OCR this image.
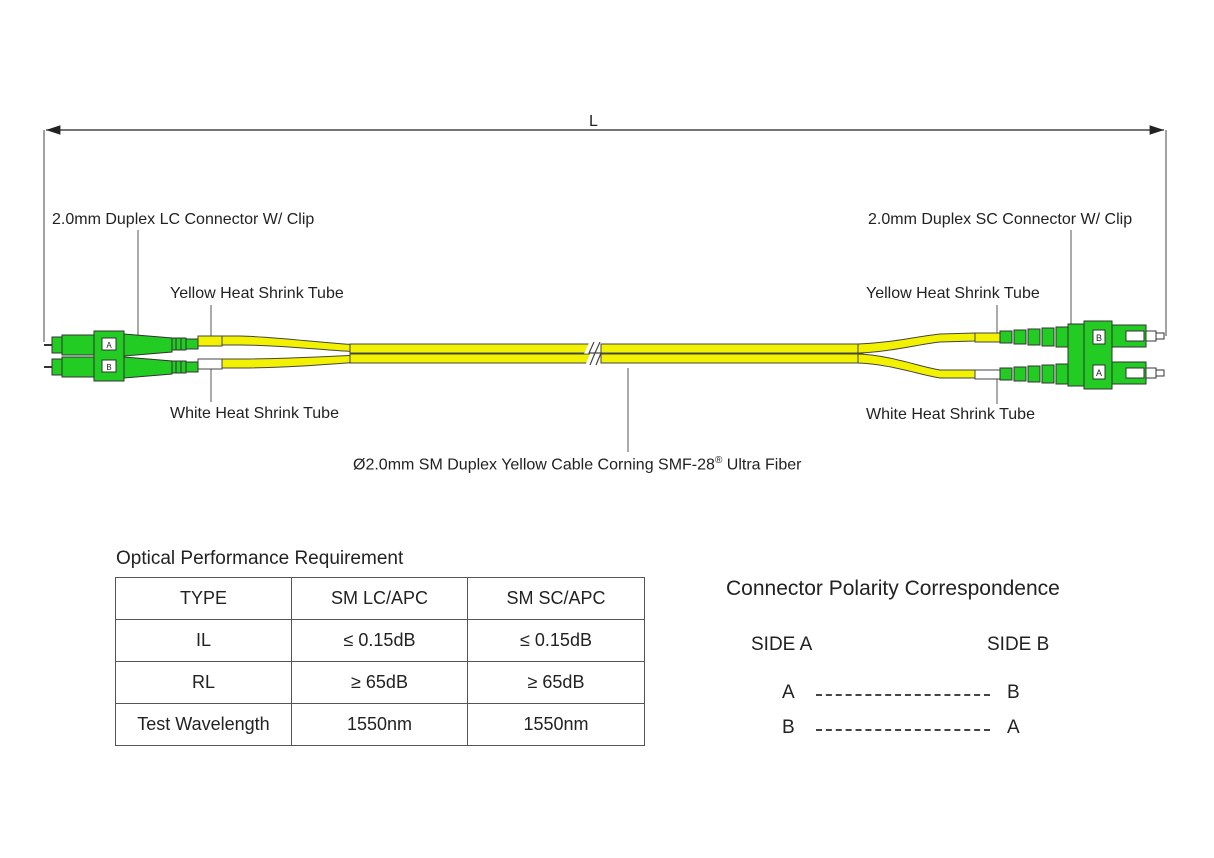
A
B
B
A
L
2.0mm Duplex LC Connector W/ Clip	2.0mm Duplex SC Connector W/ Clip
Yellow Heat Shrink Tube	Yellow Heat Shrink Tube
White Heat Shrink Tube	White Heat Shrink Tube
Ø2.0mm SM Duplex Yellow Cable Corning SMF-28® Ultra Fiber
Optical Performance Requirement
TYPE	SM LC/APC	SM SC/APC
IL	≤ 0.15dB	≤ 0.15dB
RL	≥ 65dB	≥ 65dB
Test Wavelength	1550nm	1550nm
Connector Polarity Correspondence
SIDE A	SIDE B
A	B
B	A
